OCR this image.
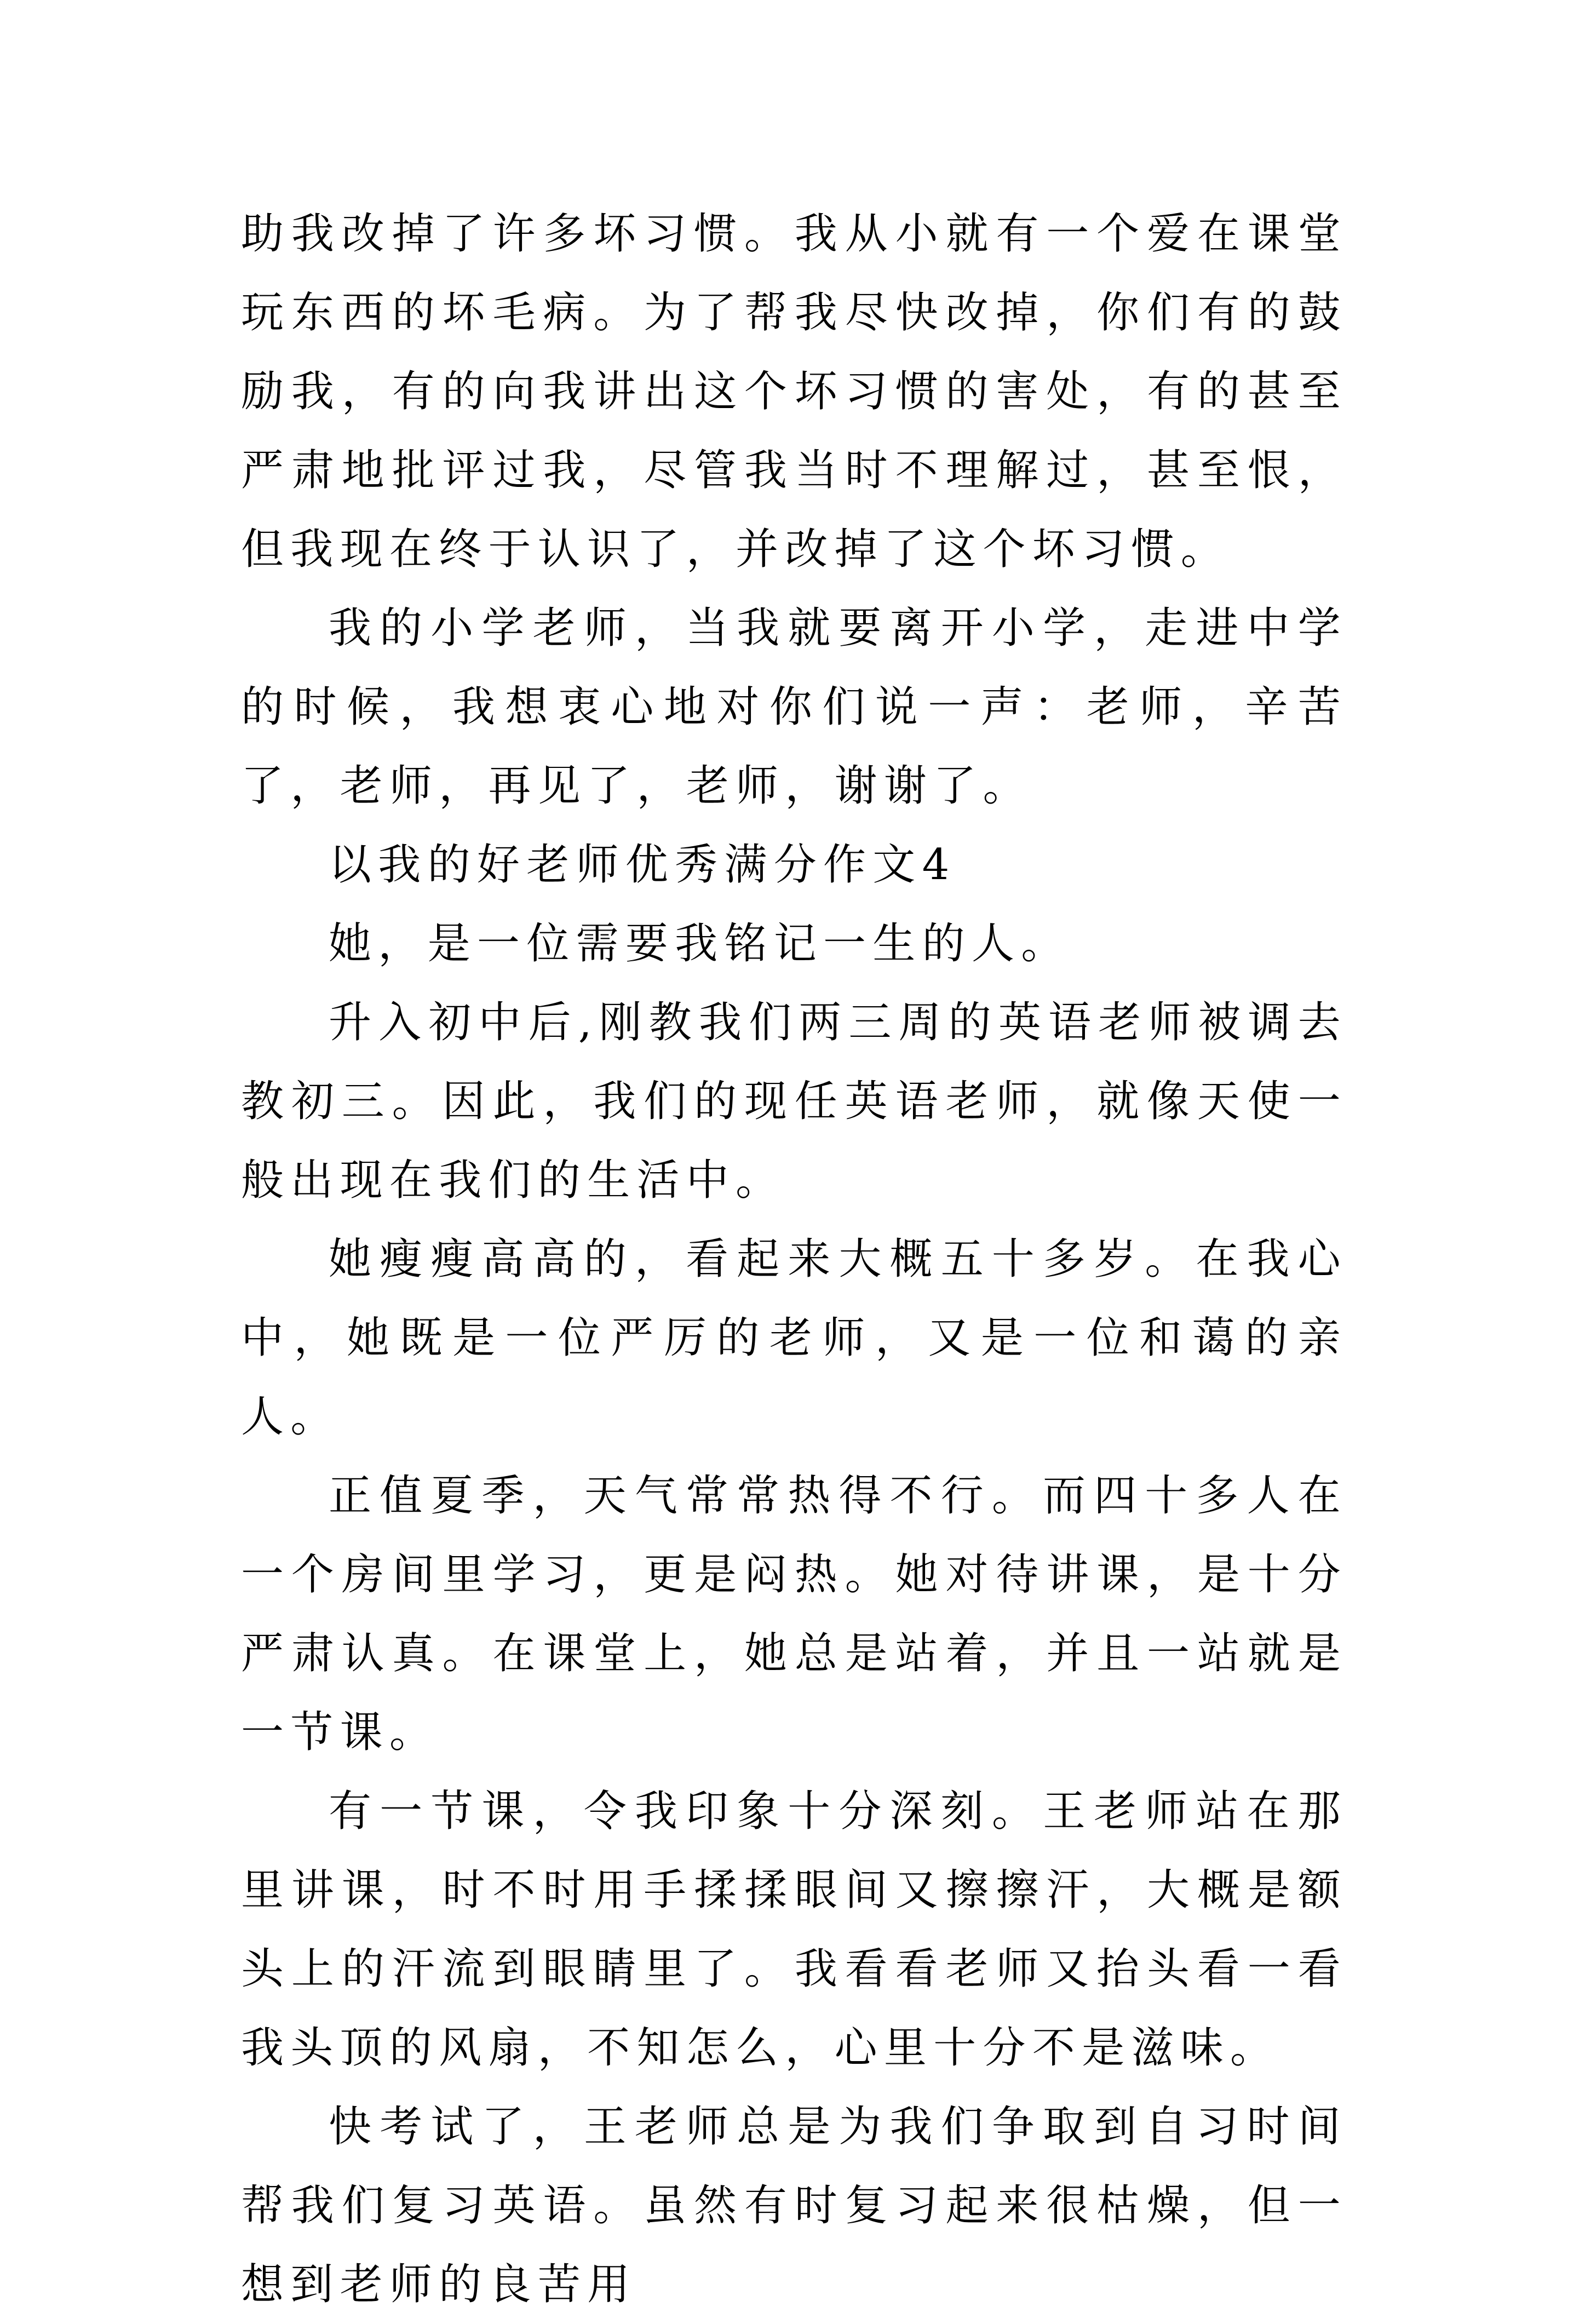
助我改掉了许多坏习惯。我从小就有一个爱在课堂玩东西的坏毛病。为了帮我尽快改掉，你们有的鼓励我，有的向我讲出这个坏习惯的害处，有的甚至严肃地批评过我，尽管我当时不理解过，甚至恨，但我现在终于认识了，并改掉了这个坏习惯。

我的小学老师，当我就要离开小学，走进中学的时候，我想衷心地对你们说一声：老师，辛苦了，老师，再见了，老师，谢谢了。

以我的好老师优秀满分作文4

她，是一位需要我铭记一生的人。

升入初中后,刚教我们两三周的英语老师被调去教初三。因此，我们的现任英语老师，就像天使一般出现在我们的生活中。

她瘦瘦高高的，看起来大概五十多岁。在我心中，她既是一位严厉的老师，又是一位和蔼的亲人。

正值夏季，天气常常热得不行。而四十多人在一个房间里学习，更是闷热。她对待讲课，是十分严肃认真。在课堂上，她总是站着，并且一站就是一节课。

有一节课，令我印象十分深刻。王老师站在那里讲课，时不时用手揉揉眼间又擦擦汗，大概是额头上的汗流到眼睛里了。我看看老师又抬头看一看我头顶的风扇，不知怎么，心里十分不是滋味。

快考试了，王老师总是为我们争取到自习时间帮我们复习英语。虽然有时复习起来很枯燥，但一想到老师的良苦用
